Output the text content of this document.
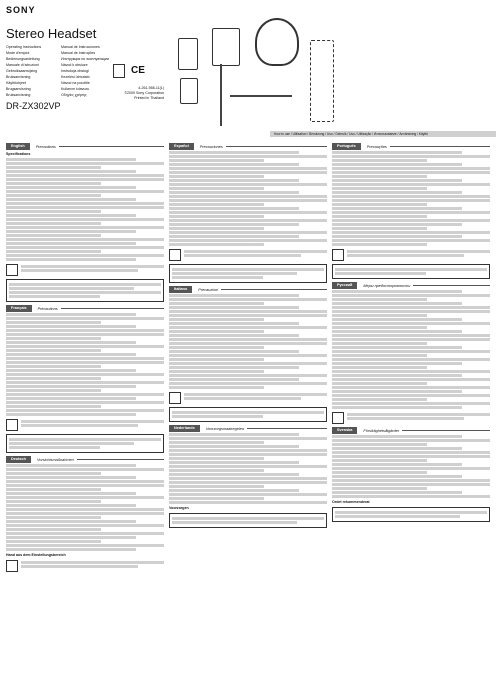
SONY
Stereo Headset
Operating Instructions	Manual de instrucciones
Mode d'emploi	Manual de instruções
Bedienungsanleitung	Инструкция по эксплуатации
Manuale di istruzioni	Návod k obsluze
Gebruiksaanwijzing	Instrukcja obsługi
Bruksanvisning	Kezelési útmutató
Käyttöohjeet	Návod na použitie
Brugsanvisning	Kullanım kılavuzu
Bruksanvisning	Οδηγίες χρήσης
CE
4-261-958-11(1)
©2009 Sony Corporation
Printed in Thailand
DR-ZX302VP
How to use / Utilisation / Benutzung / Uso / Gebruik / Uso / Utilização / Использование / Användning / Käyttö
English	Precautions
Specifications
Français	Précautions
Deutsch	Vorsichtsmaßnahmen
Hand aus dem Einstellungsbereich
Español	Precauciones
Italiano	Precauzioni
Nederlands	Voorzorgsmaatregelen
Voorzorgen
Português	Precauções
Русский	Меры предосторожности
Svenska	Försiktighetsåtgärder
Ordet rekommenderat
